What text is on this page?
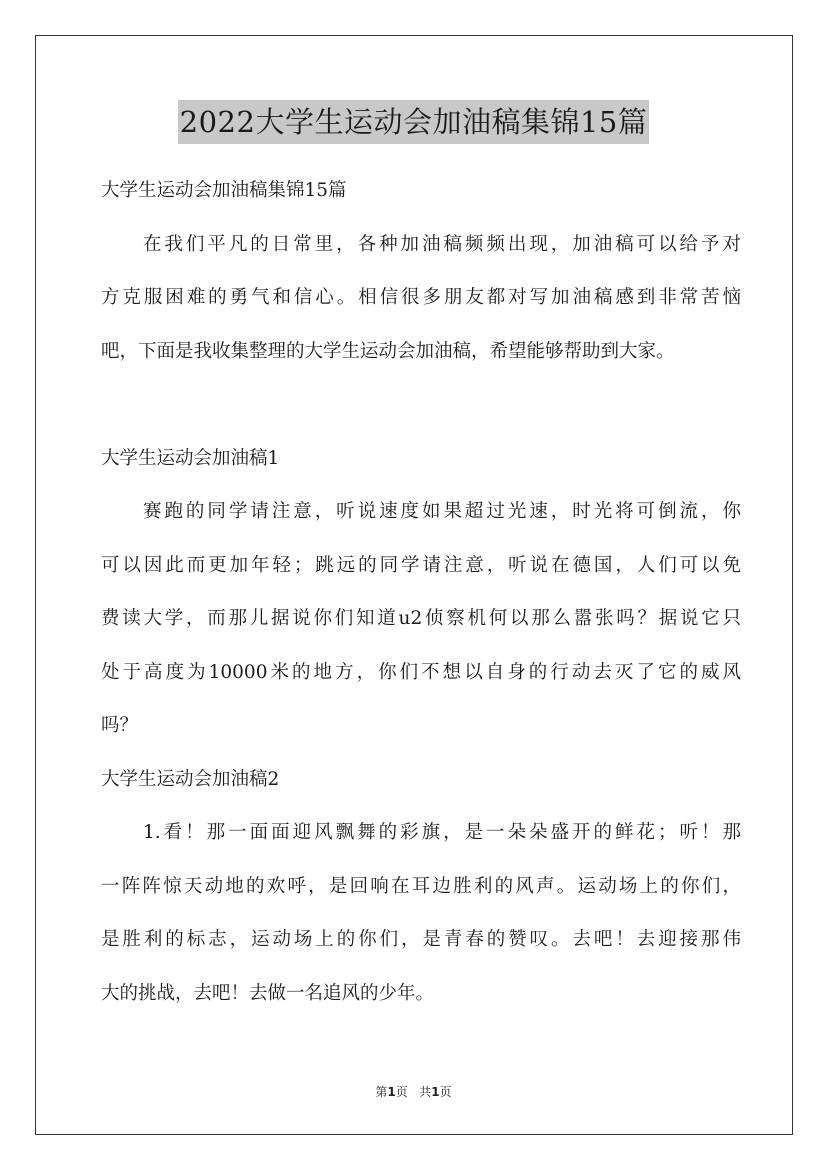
2022大学生运动会加油稿集锦15篇
大学生运动会加油稿集锦15篇
在我们平凡的日常里，各种加油稿频频出现，加油稿可以给予对
方克服困难的勇气和信心。相信很多朋友都对写加油稿感到非常苦恼
吧，下面是我收集整理的大学生运动会加油稿，希望能够帮助到大家。
大学生运动会加油稿1
赛跑的同学请注意，听说速度如果超过光速，时光将可倒流，你
可以因此而更加年轻；跳远的同学请注意，听说在德国，人们可以免
费读大学，而那儿据说你们知道u2侦察机何以那么嚣张吗？据说它只
处于高度为10000米的地方，你们不想以自身的行动去灭了它的威风
吗？
大学生运动会加油稿2
1.看！那一面面迎风飘舞的彩旗，是一朵朵盛开的鲜花；听！那
一阵阵惊天动地的欢呼，是回响在耳边胜利的风声。运动场上的你们，
是胜利的标志，运动场上的你们，是青春的赞叹。去吧！去迎接那伟
大的挑战，去吧！去做一名追风的少年。
第1页 共1页
